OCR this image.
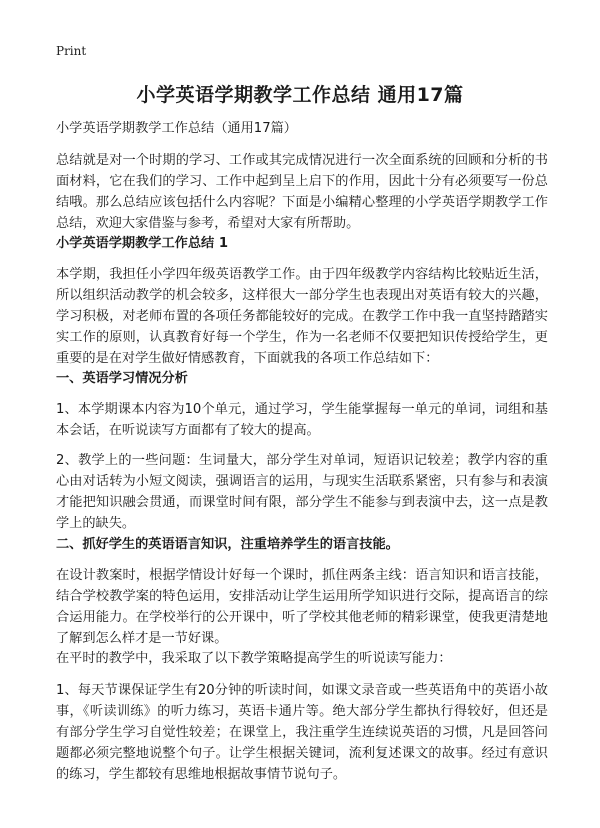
Print
小学英语学期教学工作总结 通用17篇
小学英语学期教学工作总结（通用17篇）
总结就是对一个时期的学习、工作或其完成情况进行一次全面系统的回顾和分析的书面材料，它在我们的学习、工作中起到呈上启下的作用，因此十分有必须要写一份总结哦。那么总结应该包括什么内容呢？下面是小编精心整理的小学英语学期教学工作总结，欢迎大家借鉴与参考，希望对大家有所帮助。
小学英语学期教学工作总结 1
本学期，我担任小学四年级英语教学工作。由于四年级教学内容结构比较贴近生活，所以组织活动教学的机会较多，这样很大一部分学生也表现出对英语有较大的兴趣，学习积极，对老师布置的各项任务都能较好的完成。在教学工作中我一直坚持踏踏实实工作的原则，认真教育好每一个学生，作为一名老师不仅要把知识传授给学生，更重要的是在对学生做好情感教育，下面就我的各项工作总结如下：
一、英语学习情况分析
1、本学期课本内容为10个单元，通过学习，学生能掌握每一单元的单词，词组和基本会话，在听说读写方面都有了较大的提高。
2、教学上的一些问题：生词量大，部分学生对单词，短语识记较差；教学内容的重心由对话转为小短文阅读，强调语言的运用，与现实生活联系紧密，只有参与和表演才能把知识融会贯通，而课堂时间有限，部分学生不能参与到表演中去，这一点是教学上的缺失。
二、抓好学生的英语语言知识，注重培养学生的语言技能。
在设计教案时，根据学情设计好每一个课时，抓住两条主线：语言知识和语言技能，结合学校教学案的特色运用，安排活动让学生运用所学知识进行交际，提高语言的综合运用能力。在学校举行的公开课中，听了学校其他老师的精彩课堂，使我更清楚地了解到怎么样才是一节好课。
在平时的教学中，我采取了以下教学策略提高学生的听说读写能力：
1、每天节课保证学生有20分钟的听读时间，如课文录音或一些英语角中的英语小故事，《听读训练》的听力练习，英语卡通片等。绝大部分学生都执行得较好，但还是有部分学生学习自觉性较差；在课堂上，我注重学生连续说英语的习惯，凡是回答问题都必须完整地说整个句子。让学生根据关键词，流利复述课文的故事。经过有意识的练习，学生都较有思维地根据故事情节说句子。
